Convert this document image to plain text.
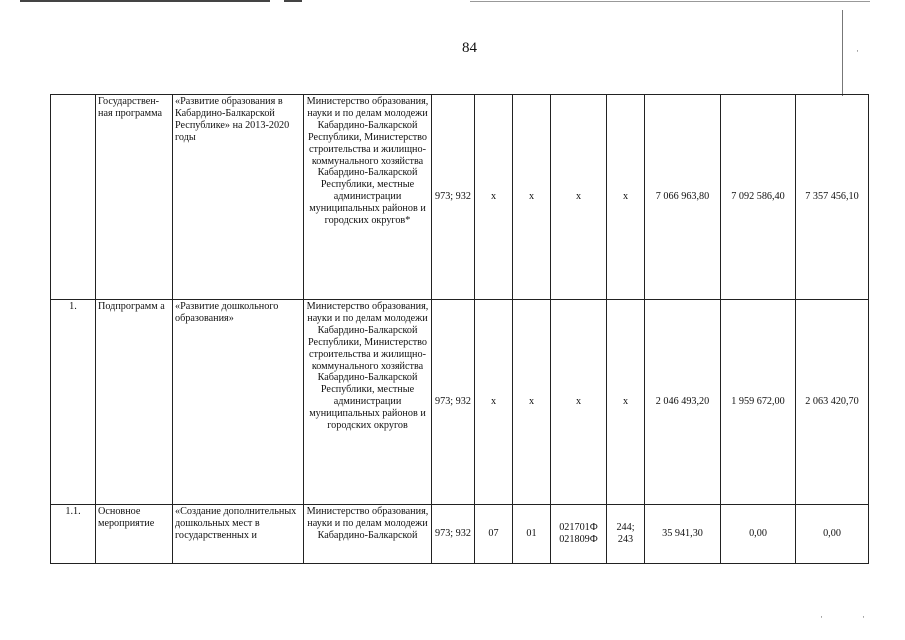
·
·	·
84
	Государствен-ная программа	«Развитие образования в Кабардино-Балкарской Республике» на 2013-2020 годы	Министерство образования, науки и по делам молодежи Кабардино-Балкарской Республики, Министерство строительства и жилищно-коммунального хозяйства Кабардино-Балкарской Республики, местные администрации муниципальных районов и городских округов*	973; 932	x	x	x	x	7 066 963,80	7 092 586,40	7 357 456,10
1.	Подпрограмм а	«Развитие дошкольного образования»	Министерство образования, науки и по делам молодежи Кабардино-Балкарской Республики, Министерство строительства и жилищно-коммунального хозяйства Кабардино-Балкарской Республики, местные администрации муниципальных районов и городских округов	973; 932	x	x	x	x	2 046 493,20	1 959 672,00	2 063 420,70
1.1.	Основное мероприятие	«Создание дополнительных дошкольных мест в государственных и	Министерство образования, науки и по делам молодежи Кабардино-Балкарской	973; 932	07	01	021701Ф 021809Ф	244; 243	35 941,30	0,00	0,00
